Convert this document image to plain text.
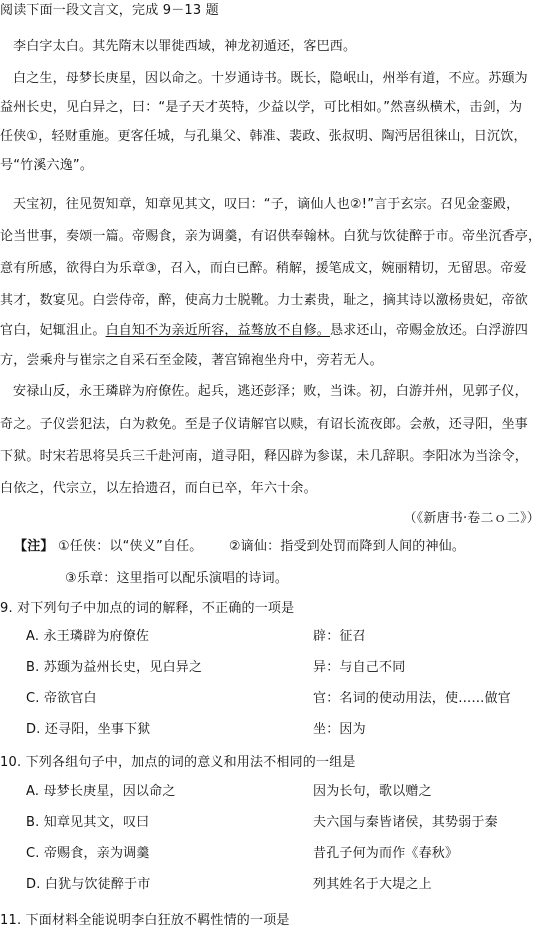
阅读下面一段文言文，完成 9－13 题
李白字太白。其先隋末以罪徙西域，神龙初遁还，客巴西。
白之生，母梦长庚星，因以命之。十岁通诗书。既长，隐岷山，州举有道，不应。苏颋为
益州长史，见白异之，曰：“是子天才英特，少益以学，可比相如。”然喜纵横术，击剑，为
任侠①，轻财重施。更客任城，与孔巢父、韩准、裴政、张叔明、陶沔居徂徕山，日沉饮，
号“竹溪六逸”。
天宝初，往见贺知章，知章见其文，叹曰：“子，谪仙人也②!”言于玄宗。召见金銮殿，
论当世事，奏颂一篇。帝赐食，亲为调羹，有诏供奉翰林。白犹与饮徒醉于市。帝坐沉香亭，
意有所感，欲得白为乐章③，召入，而白已醉。稍解，援笔成文，婉丽精切，无留思。帝爱
其才，数宴见。白尝侍帝，醉，使高力士脱靴。力士素贵，耻之，摘其诗以激杨贵妃，帝欲
官白，妃辄沮止。白自知不为亲近所容，益骜放不自修。恳求还山，帝赐金放还。白浮游四
方，尝乘舟与崔宗之自采石至金陵，著宫锦袍坐舟中，旁若无人。
安禄山反，永王璘辟为府僚佐。起兵，逃还彭泽；败，当诛。初，白游并州，见郭子仪，
奇之。子仪尝犯法，白为救免。至是子仪请解官以赎，有诏长流夜郎。会赦，还寻阳，坐事
下狱。时宋若思将吴兵三千赴河南，道寻阳，释囚辟为参谋，未几辞职。李阳冰为当涂令，
白依之，代宗立，以左拾遗召，而白已卒，年六十余。
（《新唐书·卷二ｏ二》）
【注】 ①任侠：以“侠义”自任。 ②谪仙：指受到处罚而降到人间的神仙。
③乐章：这里指可以配乐演唱的诗词。
9. 对下列句子中加点的词的解释，不正确的一项是
A. 永王璘辟为府僚佐	辟：征召
B. 苏颋为益州长史，见白异之	异：与自己不同
C. 帝欲官白	官：名词的使动用法，使……做官
D. 还寻阳，坐事下狱	坐：因为
10. 下列各组句子中，加点的词的意义和用法不相同的一组是
A. 母梦长庚星，因以命之	因为长句，歌以赠之
B. 知章见其文，叹曰	夫六国与秦皆诸侯，其势弱于秦
C. 帝赐食，亲为调羹	昔孔子何为而作《春秋》
D. 白犹与饮徒醉于市	列其姓名于大堤之上
11. 下面材料全能说明李白狂放不羁性情的一项是
